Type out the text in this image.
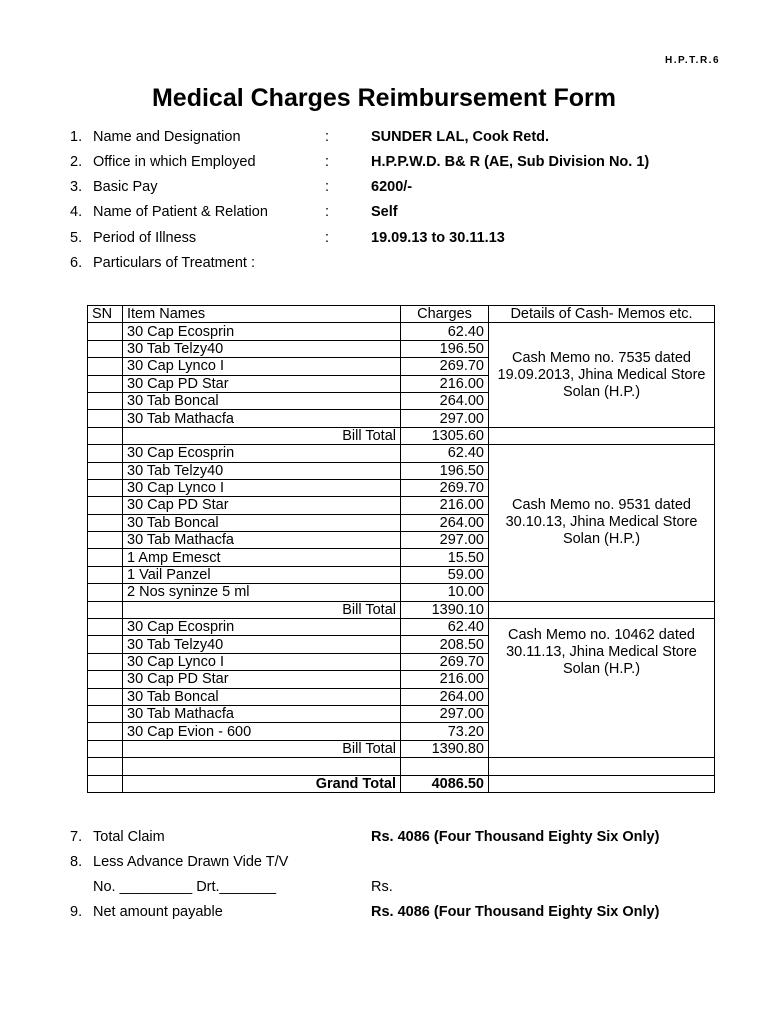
H.P.T.R.6
Medical Charges Reimbursement Form
1. Name and Designation	:	SUNDER LAL, Cook Retd.
2. Office in which Employed	:	H.P.P.W.D. B& R (AE, Sub Division No. 1)
3. Basic Pay	:	6200/-
4. Name of Patient & Relation	:	Self
5. Period of Illness	:	19.09.13 to 30.11.13
6. Particulars of Treatment :
SN	Item Names	Charges	Details of Cash- Memos etc.
	30 Cap Ecosprin	62.40	Cash Memo no. 7535 dated 19.09.2013, Jhina Medical Store Solan (H.P.)
	30 Tab Telzy40	196.50	
	30 Cap Lynco I	269.70	
	30 Cap PD Star	216.00	
	30 Tab Boncal	264.00	
	30 Tab Mathacfa	297.00	
	Bill Total	1305.60	
	30 Cap Ecosprin	62.40	Cash Memo no. 9531 dated 30.10.13, Jhina Medical Store Solan (H.P.)
	30 Tab Telzy40	196.50	
	30 Cap Lynco I	269.70	
	30 Cap PD Star	216.00	
	30 Tab Boncal	264.00	
	30 Tab Mathacfa	297.00	
	1 Amp Emesct	15.50	
	1 Vail Panzel	59.00	
	2 Nos syninze 5 ml	10.00	
	Bill Total	1390.10	
	30 Cap Ecosprin	62.40	Cash Memo no. 10462 dated 30.11.13, Jhina Medical Store Solan (H.P.)
	30 Tab Telzy40	208.50	
	30 Cap Lynco I	269.70	
	30 Cap PD Star	216.00	
	30 Tab Boncal	264.00	
	30 Tab Mathacfa	297.00	
	30 Cap Evion - 600	73.20	
	Bill Total	1390.80	

	Grand Total	4086.50	
7. Total Claim	Rs. 4086 (Four Thousand Eighty Six Only)
8. Less Advance Drawn Vide T/V
No. _________ Drt._______	Rs.
9. Net amount payable	Rs. 4086 (Four Thousand Eighty Six Only)
